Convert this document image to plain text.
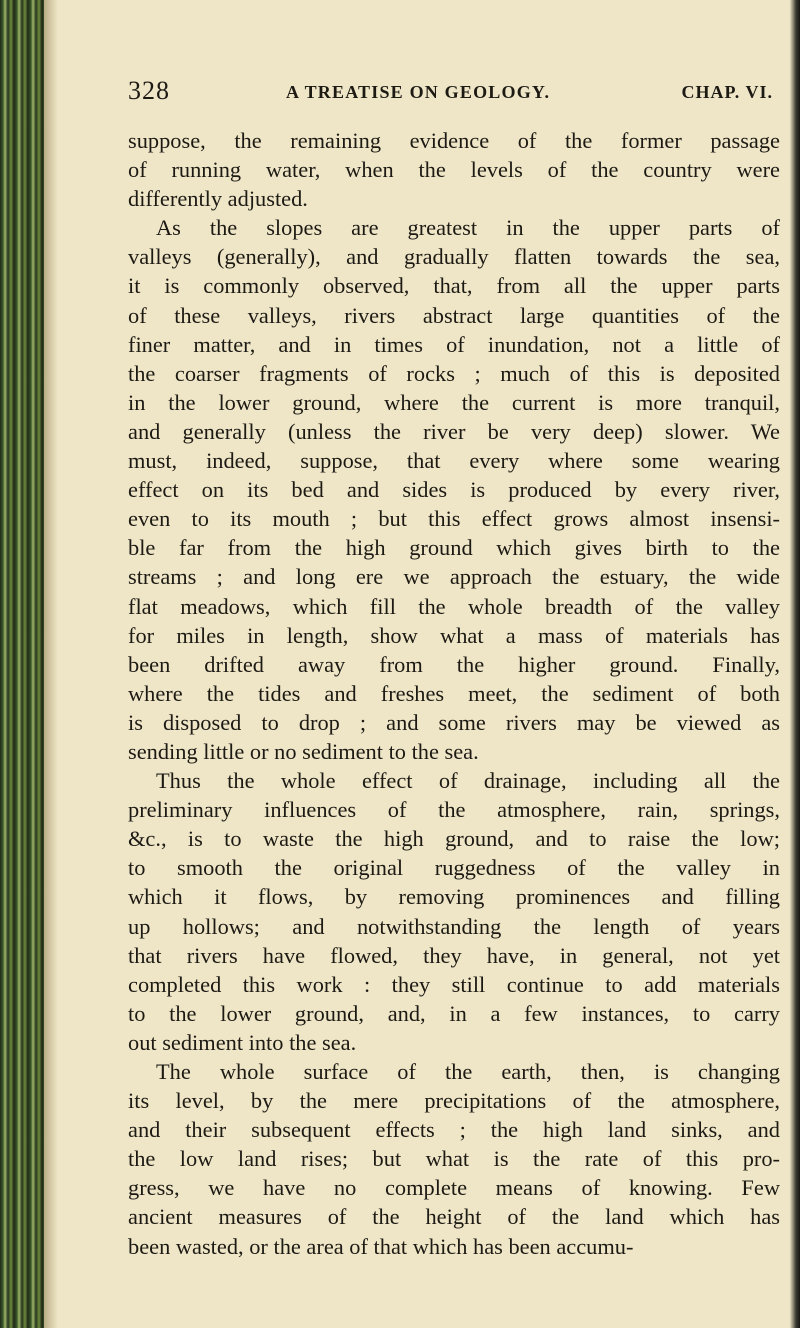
328	A TREATISE ON GEOLOGY.	CHAP. VI.
suppose, the remaining evidence of the former passage
of running water, when the levels of the country were
differently adjusted.
As the slopes are greatest in the upper parts of
valleys (generally), and gradually flatten towards the sea,
it is commonly observed, that, from all the upper parts
of these valleys, rivers abstract large quantities of the
finer matter, and in times of inundation, not a little of
the coarser fragments of rocks ; much of this is deposited
in the lower ground, where the current is more tranquil,
and generally (unless the river be very deep) slower. We
must, indeed, suppose, that every where some wearing
effect on its bed and sides is produced by every river,
even to its mouth ; but this effect grows almost insensi-
ble far from the high ground which gives birth to the
streams ; and long ere we approach the estuary, the wide
flat meadows, which fill the whole breadth of the valley
for miles in length, show what a mass of materials has
been drifted away from the higher ground. Finally,
where the tides and freshes meet, the sediment of both
is disposed to drop ; and some rivers may be viewed as
sending little or no sediment to the sea.
Thus the whole effect of drainage, including all the
preliminary influences of the atmosphere, rain, springs,
&c., is to waste the high ground, and to raise the low;
to smooth the original ruggedness of the valley in
which it flows, by removing prominences and filling
up hollows; and notwithstanding the length of years
that rivers have flowed, they have, in general, not yet
completed this work : they still continue to add materials
to the lower ground, and, in a few instances, to carry
out sediment into the sea.
The whole surface of the earth, then, is changing
its level, by the mere precipitations of the atmosphere,
and their subsequent effects ; the high land sinks, and
the low land rises; but what is the rate of this pro-
gress, we have no complete means of knowing. Few
ancient measures of the height of the land which has
been wasted, or the area of that which has been accumu-
